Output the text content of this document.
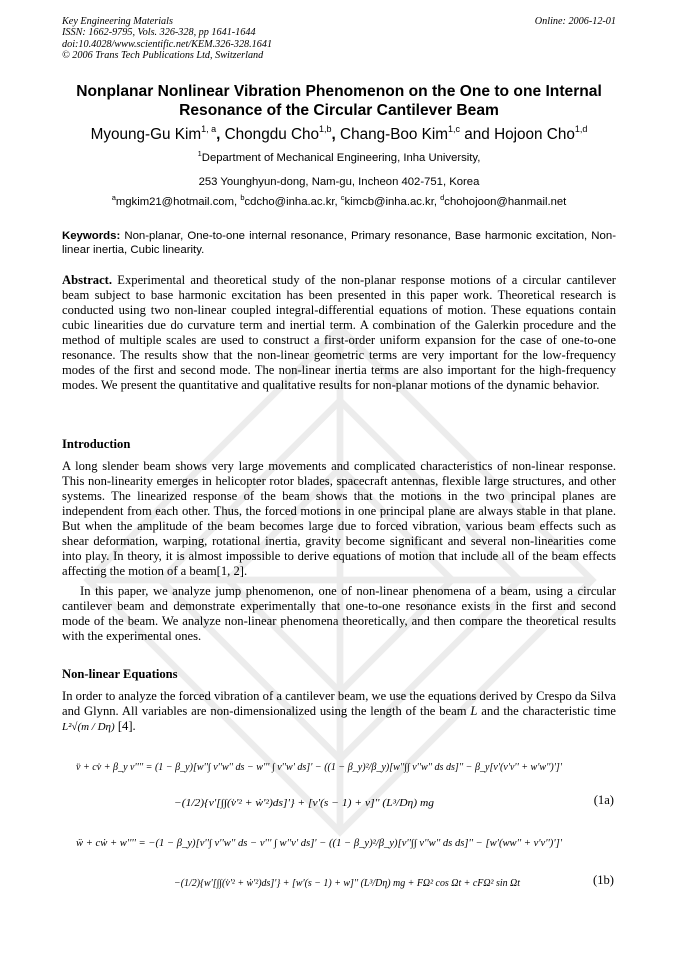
Key Engineering Materials
ISSN: 1662-9795, Vols. 326-328, pp 1641-1644
doi:10.4028/www.scientific.net/KEM.326-328.1641
© 2006 Trans Tech Publications Ltd, Switzerland
Online: 2006-12-01
Nonplanar Nonlinear Vibration Phenomenon on the One to one Internal Resonance of the Circular Cantilever Beam
Myoung-Gu Kim$^{1, a}$, Chongdu Cho$^{1,b}$, Chang-Boo Kim$^{1,c}$ and Hojoon Cho$^{1,d}$
$^1$Department of Mechanical Engineering, Inha University,
253 Younghyun-dong, Nam-gu, Incheon 402-751, Korea
$^a$mgkim21@hotmail.com, $^b$cdcho@inha.ac.kr, $^c$kimcb@inha.ac.kr, $^d$chohojoon@hanmail.net
Keywords: Non-planar, One-to-one internal resonance, Primary resonance, Base harmonic excitation, Non-linear inertia, Cubic linearity.
Abstract. Experimental and theoretical study of the non-planar response motions of a circular cantilever beam subject to base harmonic excitation has been presented in this paper work. Theoretical research is conducted using two non-linear coupled integral-differential equations of motion. These equations contain cubic linearities due do curvature term and inertial term. A combination of the Galerkin procedure and the method of multiple scales are used to construct a first-order uniform expansion for the case of one-to-one resonance. The results show that the non-linear geometric terms are very important for the low-frequency modes of the first and second mode. The non-linear inertia terms are also important for the high-frequency modes. We present the quantitative and qualitative results for non-planar motions of the dynamic behavior.
Introduction
A long slender beam shows very large movements and complicated characteristics of non-linear response. This non-linearity emerges in helicopter rotor blades, spacecraft antennas, flexible large structures, and other systems. The linearized response of the beam shows that the motions in the two principal planes are independent from each other. Thus, the forced motions in one principal plane are always stable in that plane. But when the amplitude of the beam becomes large due to forced vibration, various beam effects such as shear deformation, warping, rotational inertia, gravity become significant and several non-linearities come into play. In theory, it is almost impossible to derive equations of motion that include all of the beam effects affecting the motion of a beam[1, 2].
In this paper, we analyze jump phenomenon, one of non-linear phenomena of a beam, using a circular cantilever beam and demonstrate experimentally that one-to-one resonance exists in the first and second mode of the beam. We analyze non-linear phenomena theoretically, and then compare the theoretical results with the experimental ones.
Non-linear Equations
In order to analyze the forced vibration of a cantilever beam, we use the equations derived by Crespo da Silva and Glynn. All variables are non-dimensionalized using the length of the beam L and the characteristic time L²√(m / Dη) [4].
v̈ + cv̇ + β_y v'''' = (1 − β_y)[w''∫ v''w'' ds − w''' ∫ v''w' ds]' − ((1 − β_y)²/β_y)[w''∫∫ v''w'' ds ds]'' − β_y[v'(v'v'' + w'w'')']'
−(1/2){v'[∫∫(v̇'² + ẇ'²)ds]'} + [v'(s − 1) + v]'' (L³/Dη) mg	(1a)
ẅ + cẇ + w'''' = −(1 − β_y)[v''∫ v''w'' ds − v''' ∫ w''v' ds]' − ((1 − β_y)²/β_y)[v''∫∫ v''w'' ds ds]'' − [w'(ww'' + v'v'')']'
−(1/2){w'[∫∫(v̇'² + ẇ'²)ds]'} + [w'(s − 1) + w]'' (L³/Dη) mg + FΩ² cos Ωt + cFΩ² sin Ωt	(1b)
